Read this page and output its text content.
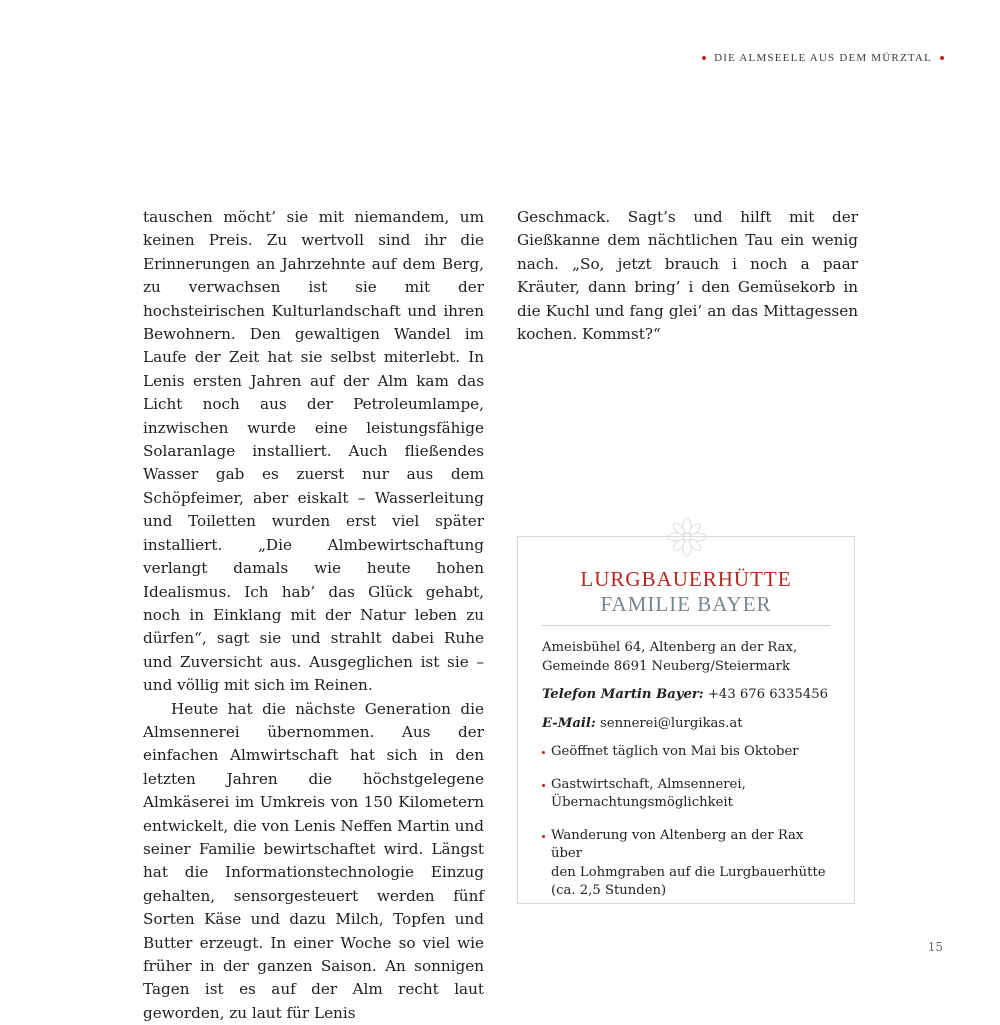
DIE ALMSEELE AUS DEM MÜRZTAL

tauschen möcht’ sie mit niemandem, um keinen Preis. Zu wertvoll sind ihr die Erinnerungen an Jahrzehnte auf dem Berg, zu verwachsen ist sie mit der hochsteirischen Kulturlandschaft und ihren Bewohnern. Den gewaltigen Wandel im Laufe der Zeit hat sie selbst miterlebt. In Lenis ersten Jahren auf der Alm kam das Licht noch aus der Petroleumlampe, inzwischen wurde eine leistungsfähige Solaranlage installiert. Auch fließendes Wasser gab es zuerst nur aus dem Schöpfeimer, aber eiskalt – Wasserleitung und Toiletten wurden erst viel später installiert. „Die Almbewirtschaftung verlangt damals wie heute hohen Idealismus. Ich hab’ das Glück gehabt, noch in Einklang mit der Natur leben zu dürfen“, sagt sie und strahlt dabei Ruhe und Zuversicht aus. Ausgeglichen ist sie – und völlig mit sich im Reinen.

Heute hat die nächste Generation die Almsennerei übernommen. Aus der einfachen Almwirtschaft hat sich in den letzten Jahren die höchstgelegene Almkäserei im Umkreis von 150 Kilometern entwickelt, die von Lenis Neffen Martin und seiner Familie bewirtschaftet wird. Längst hat die Informationstechnologie Einzug gehalten, sensorgesteuert werden fünf Sorten Käse und dazu Milch, Topfen und Butter erzeugt. In einer Woche so viel wie früher in der ganzen Saison. An sonnigen Tagen ist es auf der Alm recht laut geworden, zu laut für Lenis

Geschmack. Sagt’s und hilft mit der Gießkanne dem nächtlichen Tau ein wenig nach. „So, jetzt brauch i noch a paar Kräuter, dann bring’ i den Gemüsekorb in die Kuchl und fang glei’ an das Mittagessen kochen. Kommst?“

LURGBAUERHÜTTE
FAMILIE BAYER

Ameisbühel 64, Altenberg an der Rax,
Gemeinde 8691 Neuberg/Steiermark

Telefon Martin Bayer: +43 676 6335456

E-Mail: sennerei@lurgikas.at

Geöffnet täglich von Mai bis Oktober
Gastwirtschaft, Almsennerei,
Übernachtungsmöglichkeit
Wanderung von Altenberg an der Rax über
den Lohmgraben auf die Lurgbauerhütte
(ca. 2,5 Stunden)
15
